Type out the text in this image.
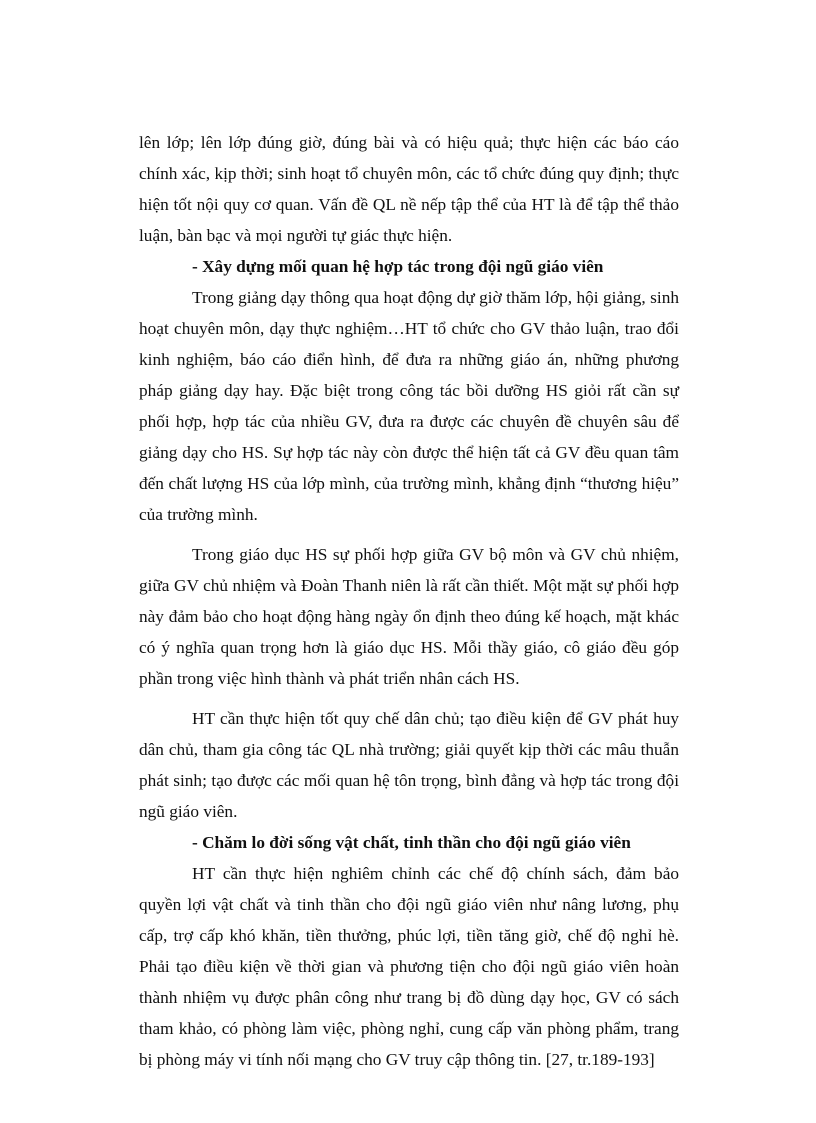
lên lớp; lên lớp đúng giờ, đúng bài và có hiệu quả; thực hiện các báo cáo chính xác, kịp thời; sinh hoạt tổ chuyên môn, các tổ chức đúng quy định; thực hiện tốt nội quy cơ quan. Vấn đề QL nề nếp tập thể của HT là để tập thể thảo luận, bàn bạc và mọi người tự giác thực hiện.

- Xây dựng mối quan hệ hợp tác trong đội ngũ giáo viên

Trong giảng dạy thông qua hoạt động dự giờ thăm lớp, hội giảng, sinh hoạt chuyên môn, dạy thực nghiệm…HT tổ chức cho GV thảo luận, trao đổi kinh nghiệm, báo cáo điển hình, để đưa ra những giáo án, những phương pháp giảng dạy hay. Đặc biệt trong công tác bồi dưỡng HS giỏi rất cần sự phối hợp, hợp tác của nhiều GV, đưa ra được các chuyên đề chuyên sâu để giảng dạy cho HS. Sự hợp tác này còn được thể hiện tất cả GV đều quan tâm đến chất lượng HS của lớp mình, của trường mình, khẳng định “thương hiệu” của trường mình.

Trong giáo dục HS sự phối hợp giữa GV bộ môn và GV chủ nhiệm, giữa GV chủ nhiệm và Đoàn Thanh niên là rất cần thiết. Một mặt sự phối hợp này đảm bảo cho hoạt động hàng ngày ổn định theo đúng kế hoạch, mặt khác có ý nghĩa quan trọng hơn là giáo dục HS. Mỗi thầy giáo, cô giáo đều góp phần trong việc hình thành và phát triển nhân cách HS.

HT cần thực hiện tốt quy chế dân chủ; tạo điều kiện để GV phát huy dân chủ, tham gia công tác QL nhà trường; giải quyết kịp thời các mâu thuẫn phát sinh; tạo được các mối quan hệ tôn trọng, bình đẳng và hợp tác trong đội ngũ giáo viên.

- Chăm lo đời sống vật chất, tinh thần cho đội ngũ giáo viên

HT cần thực hiện nghiêm chỉnh các chế độ chính sách, đảm bảo quyền lợi vật chất và tinh thần cho đội ngũ giáo viên như nâng lương, phụ cấp, trợ cấp khó khăn, tiền thưởng, phúc lợi, tiền tăng giờ, chế độ nghỉ hè. Phải tạo điều kiện về thời gian và phương tiện cho đội ngũ giáo viên hoàn thành nhiệm vụ được phân công như trang bị đồ dùng dạy học, GV có sách tham khảo, có phòng làm việc, phòng nghỉ, cung cấp văn phòng phẩm, trang bị phòng máy vi tính nối mạng cho GV truy cập thông tin. [27, tr.189-193]
